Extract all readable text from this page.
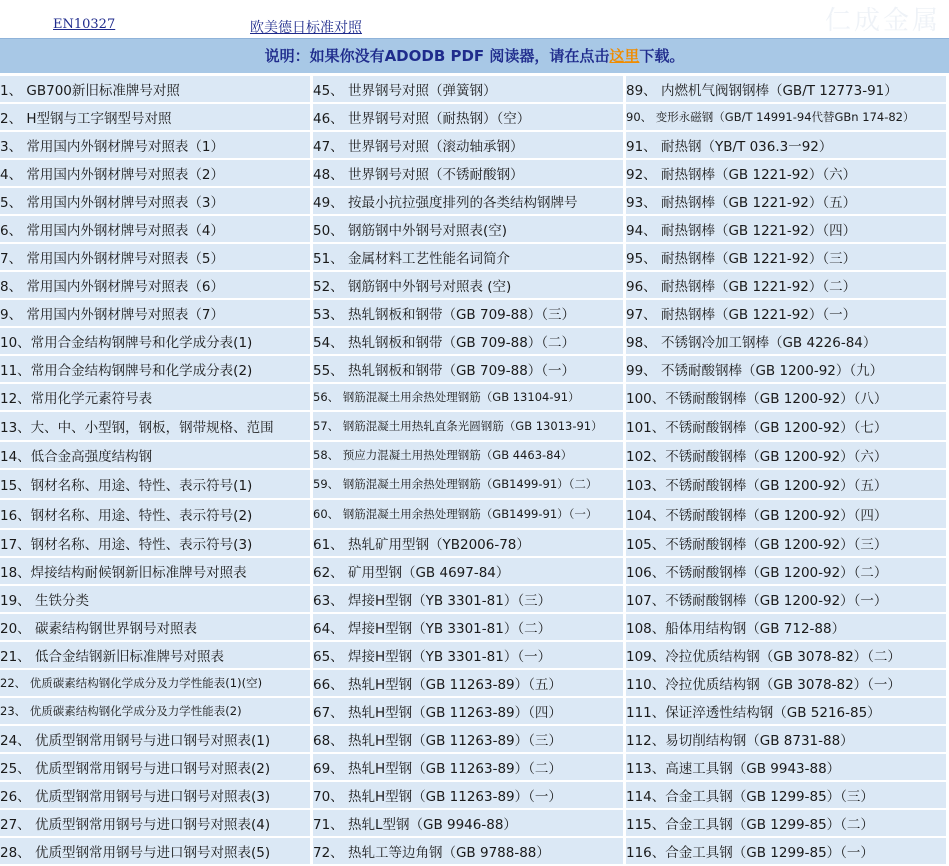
EN10327	欧美德日标准对照	仁成金属
说明：如果你没有ADODB PDF 阅读器，请在点击这里下载。
1、 GB700新旧标准牌号对照	45、 世界钢号对照（弹簧钢）	89、 内燃机气阀钢钢棒（GB/T 12773-91）
2、 H型钢与工字钢型号对照	46、 世界钢号对照（耐热钢）（空）	90、 变形永磁钢（GB/T 14991-94代替GBn 174-82）
3、 常用国内外钢材牌号对照表（1）	47、 世界钢号对照（滚动轴承钢）	91、 耐热钢（YB/T 036.3一92）
4、 常用国内外钢材牌号对照表（2）	48、 世界钢号对照（不锈耐酸钢）	92、 耐热钢棒（GB 1221-92）（六）
5、 常用国内外钢材牌号对照表（3）	49、 按最小抗拉强度排列的各类结构钢牌号	93、 耐热钢棒（GB 1221-92）（五）
6、 常用国内外钢材牌号对照表（4）	50、 钢筋钢中外钢号对照表(空)	94、 耐热钢棒（GB 1221-92）（四）
7、 常用国内外钢材牌号对照表（5）	51、 金属材料工艺性能名词简介	95、 耐热钢棒（GB 1221-92）（三）
8、 常用国内外钢材牌号对照表（6）	52、 钢筋钢中外钢号对照表 (空)	96、 耐热钢棒（GB 1221-92）（二）
9、 常用国内外钢材牌号对照表（7）	53、 热轧钢板和钢带（GB 709-88）（三）	97、 耐热钢棒（GB 1221-92）（一）
10、常用合金结构钢牌号和化学成分表(1)	54、 热轧钢板和钢带（GB 709-88）（二）	98、 不锈钢冷加工钢棒（GB 4226-84）
11、常用合金结构钢牌号和化学成分表(2)	55、 热轧钢板和钢带（GB 709-88）（一）	99、 不锈耐酸钢棒（GB 1200-92）（九）
12、常用化学元素符号表	56、 钢筋混凝土用余热处理钢筋（GB 13104-91）	100、不锈耐酸钢棒（GB 1200-92）（八）
13、大、中、小型钢，钢板，钢带规格、范围	57、 钢筋混凝土用热轧直条光圆钢筋（GB 13013-91）	101、不锈耐酸钢棒（GB 1200-92）（七）
14、低合金高强度结构钢	58、 预应力混凝土用热处理钢筋（GB 4463-84）	102、不锈耐酸钢棒（GB 1200-92）（六）
15、钢材名称、用途、特性、表示符号(1)	59、 钢筋混凝土用余热处理钢筋（GB1499-91）（二）	103、不锈耐酸钢棒（GB 1200-92）（五）
16、钢材名称、用途、特性、表示符号(2)	60、 钢筋混凝土用余热处理钢筋（GB1499-91）（一）	104、不锈耐酸钢棒（GB 1200-92）（四）
17、钢材名称、用途、特性、表示符号(3)	61、 热轧矿用型钢（YB2006-78）	105、不锈耐酸钢棒（GB 1200-92）（三）
18、焊接结构耐候钢新旧标准牌号对照表	62、 矿用型钢（GB 4697-84）	106、不锈耐酸钢棒（GB 1200-92）（二）
19、 生铁分类	63、 焊接H型钢（YB 3301-81）（三）	107、不锈耐酸钢棒（GB 1200-92）（一）
20、 碳素结构钢世界钢号对照表	64、 焊接H型钢（YB 3301-81）（二）	108、船体用结构钢（GB 712-88）
21、 低合金结钢新旧标准牌号对照表	65、 焊接H型钢（YB 3301-81）（一）	109、冷拉优质结构钢（GB 3078-82）（二）
22、 优质碳素结构钢化学成分及力学性能表(1)(空)	66、 热轧H型钢（GB 11263-89）（五）	110、冷拉优质结构钢（GB 3078-82）（一）
23、 优质碳素结构钢化学成分及力学性能表(2)	67、 热轧H型钢（GB 11263-89）（四）	111、保证淬透性结构钢（GB 5216-85）
24、 优质型钢常用钢号与进口钢号对照表(1)	68、 热轧H型钢（GB 11263-89）（三）	112、易切削结构钢（GB 8731-88）
25、 优质型钢常用钢号与进口钢号对照表(2)	69、 热轧H型钢（GB 11263-89）（二）	113、高速工具钢（GB 9943-88）
26、 优质型钢常用钢号与进口钢号对照表(3)	70、 热轧H型钢（GB 11263-89）（一）	114、合金工具钢（GB 1299-85）（三）
27、 优质型钢常用钢号与进口钢号对照表(4)	71、 热轧L型钢（GB 9946-88）	115、合金工具钢（GB 1299-85）（二）
28、 优质型钢常用钢号与进口钢号对照表(5)	72、 热轧工等边角钢（GB 9788-88）	116、合金工具钢（GB 1299-85）（一）
